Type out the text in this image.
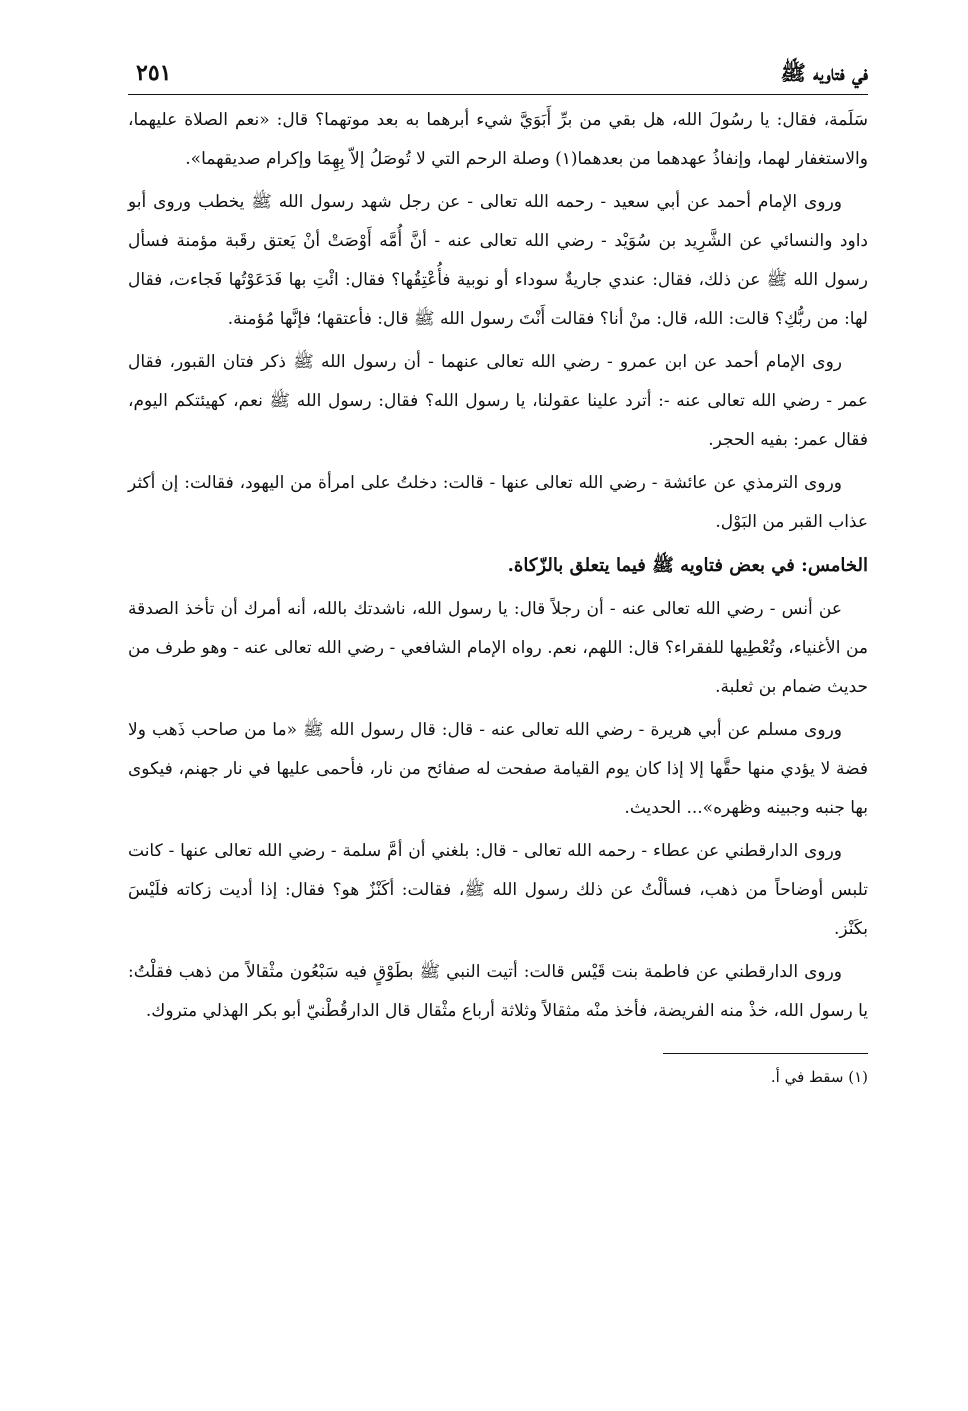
في فتاويه ﷺ
٢٥١

سَلَمة، فقال: يا رسُولَ الله، هل بقي من برِّ أَبَوَيَّ شيء أبرهما به بعد موتهما؟ قال: «نعم الصلاة عليهما، والاستغفار لهما، وإنفاذُ عهدهما من بعدهما(١) وصلة الرحم التي لا تُوصَلُ إلاّ بِهِمَا وإكرام صديقهما».

وروى الإمام أحمد عن أبي سعيد - رحمه الله تعالى - عن رجل شهد رسول الله ﷺ يخطب وروى أبو داود والنسائي عن الشَّرِيد بن سُوَيْد - رضي الله تعالى عنه - أنَّ أُمَّه أَوْصَتْ أنْ يَعتق رقَبة مؤمنة فسأل رسول الله ﷺ عن ذلك، فقال: عندي جاريةٌ سوداء أو نوبية فأُعْتِقُها؟ فقال: ائْتِ بها فَدَعَوْتُها فَجاءت، فقال لها: من ربُّكِ؟ قالت: الله، قال: منْ أنا؟ فقالت أَنْتَ رسول الله ﷺ قال: فأعتقها؛ فإنَّها مُؤمنة.

روى الإمام أحمد عن ابن عمرو - رضي الله تعالى عنهما - أن رسول الله ﷺ ذكر فتان القبور، فقال عمر - رضي الله تعالى عنه -: أترد علينا عقولنا، يا رسول الله؟ فقال: رسول الله ﷺ نعم، كهيئتكم اليوم، فقال عمر: بفيه الحجر.

وروى الترمذي عن عائشة - رضي الله تعالى عنها - قالت: دخلتُ على امرأة من اليهود، فقالت: إن أكثر عذاب القبر من البَوْل.

الخامس: في بعض فتاويه ﷺ فيما يتعلق بالزّكاة.

عن أنس - رضي الله تعالى عنه - أن رجلاً قال: يا رسول الله، ناشدتك بالله، أنه أمرك أن تأخذ الصدقة من الأغنياء، وتُعْطِيها للفقراء؟ قال: اللهم، نعم. رواه الإمام الشافعي - رضي الله تعالى عنه - وهو طرف من حديث ضمام بن ثعلبة.

وروى مسلم عن أبي هريرة - رضي الله تعالى عنه - قال: قال رسول الله ﷺ «ما من صاحب ذَهب ولا فضة لا يؤدي منها حقَّها إلا إذا كان يوم القيامة صفحت له صفائح من نار، فأحمى عليها في نار جهنم، فيكوى بها جنبه وجبينه وظهره»... الحديث.

وروى الدارقطني عن عطاء - رحمه الله تعالى - قال: بلغني أن أمَّ سلمة - رضي الله تعالى عنها - كانت تلبس أوضاحاً من ذهب، فسألْتُ عن ذلك رسول الله ﷺ، فقالت: أكَنْزٌ هو؟ فقال: إذا أديت زكاته فلَيْسَ بكَنْز.

وروى الدارقطني عن فاطمة بنت قَيْس قالت: أتيت النبي ﷺ بطَوْقٍ فيه سَبْعُون مثْقالاً من ذهب فقلْتُ: يا رسول الله، خذْ منه الفريضة، فأخذ منْه مثقالاً وثلاثة أرباع مثْقال قال الدارقُطْنيّ أبو بكر الهذلي متروك.

(١) سقط في أ.
